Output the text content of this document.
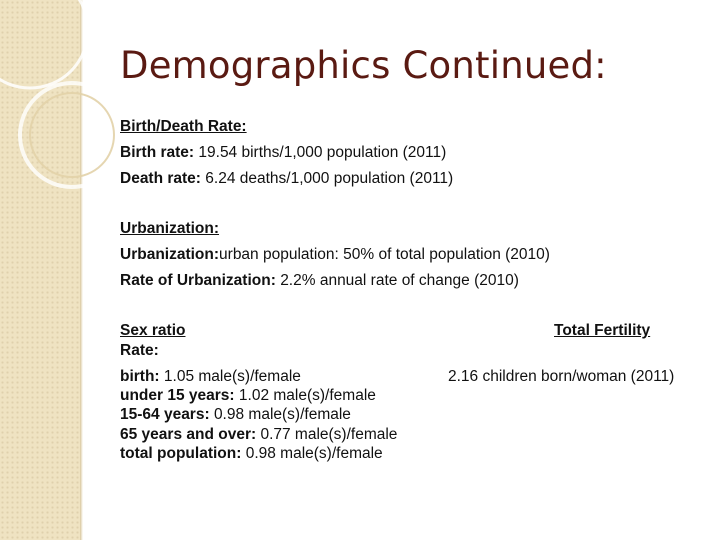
Demographics Continued:
Birth/Death Rate:
Birth rate: 19.54 births/1,000 population (2011)
Death rate: 6.24 deaths/1,000 population (2011)
Urbanization:
Urbanization:urban population: 50% of total population (2010)
Rate of Urbanization: 2.2% annual rate of change (2010)
Sex ratio
Rate:
Total Fertility
birth: 1.05 male(s)/female	2.16 children born/woman (2011)
under 15 years: 1.02 male(s)/female
15-64 years: 0.98 male(s)/female
65 years and over: 0.77 male(s)/female
total population: 0.98 male(s)/female
